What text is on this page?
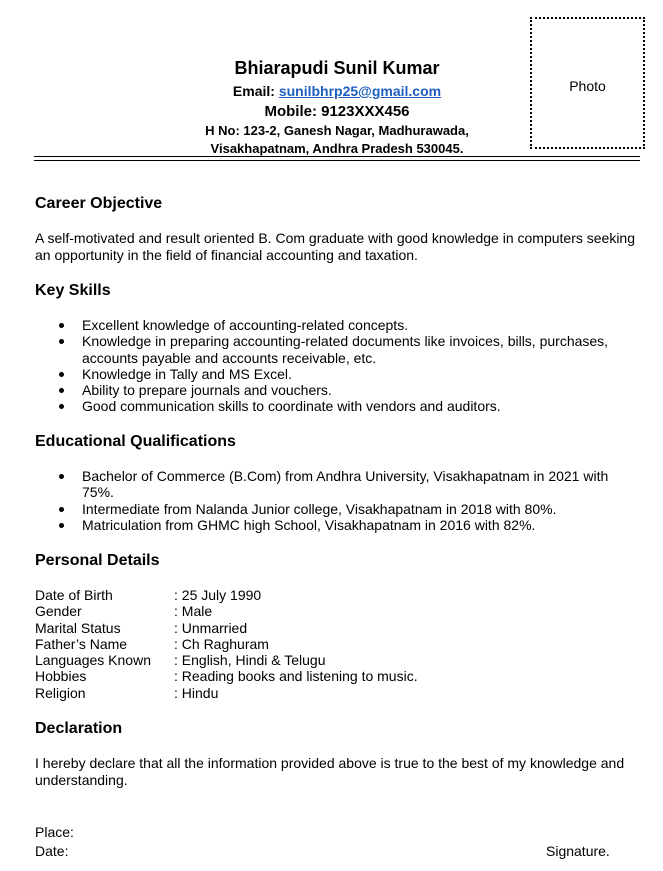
Bhiarapudi Sunil Kumar
Email: sunilbhrp25@gmail.com
Mobile: 9123XXX456
H No: 123-2, Ganesh Nagar, Madhurawada,
Visakhapatnam, Andhra Pradesh 530045.
Photo
Career Objective
A self-motivated and result oriented B. Com graduate with good knowledge in computers seeking an opportunity in the field of financial accounting and taxation.
Key Skills
Excellent knowledge of accounting-related concepts.
Knowledge in preparing accounting-related documents like invoices, bills, purchases, accounts payable and accounts receivable, etc.
Knowledge in Tally and MS Excel.
Ability to prepare journals and vouchers.
Good communication skills to coordinate with vendors and auditors.
Educational Qualifications
Bachelor of Commerce (B.Com) from Andhra University, Visakhapatnam in 2021 with 75%.
Intermediate from Nalanda Junior college, Visakhapatnam in 2018 with 80%.
Matriculation from GHMC high School, Visakhapatnam in 2016 with 82%.
Personal Details
Date of Birth	: 25 July 1990
Gender	: Male
Marital Status	: Unmarried
Father’s Name	: Ch Raghuram
Languages Known	: English, Hindi & Telugu
Hobbies	: Reading books and listening to music.
Religion	: Hindu
Declaration
I hereby declare that all the information provided above is true to the best of my knowledge and understanding.
Place:
Date:	Signature.
